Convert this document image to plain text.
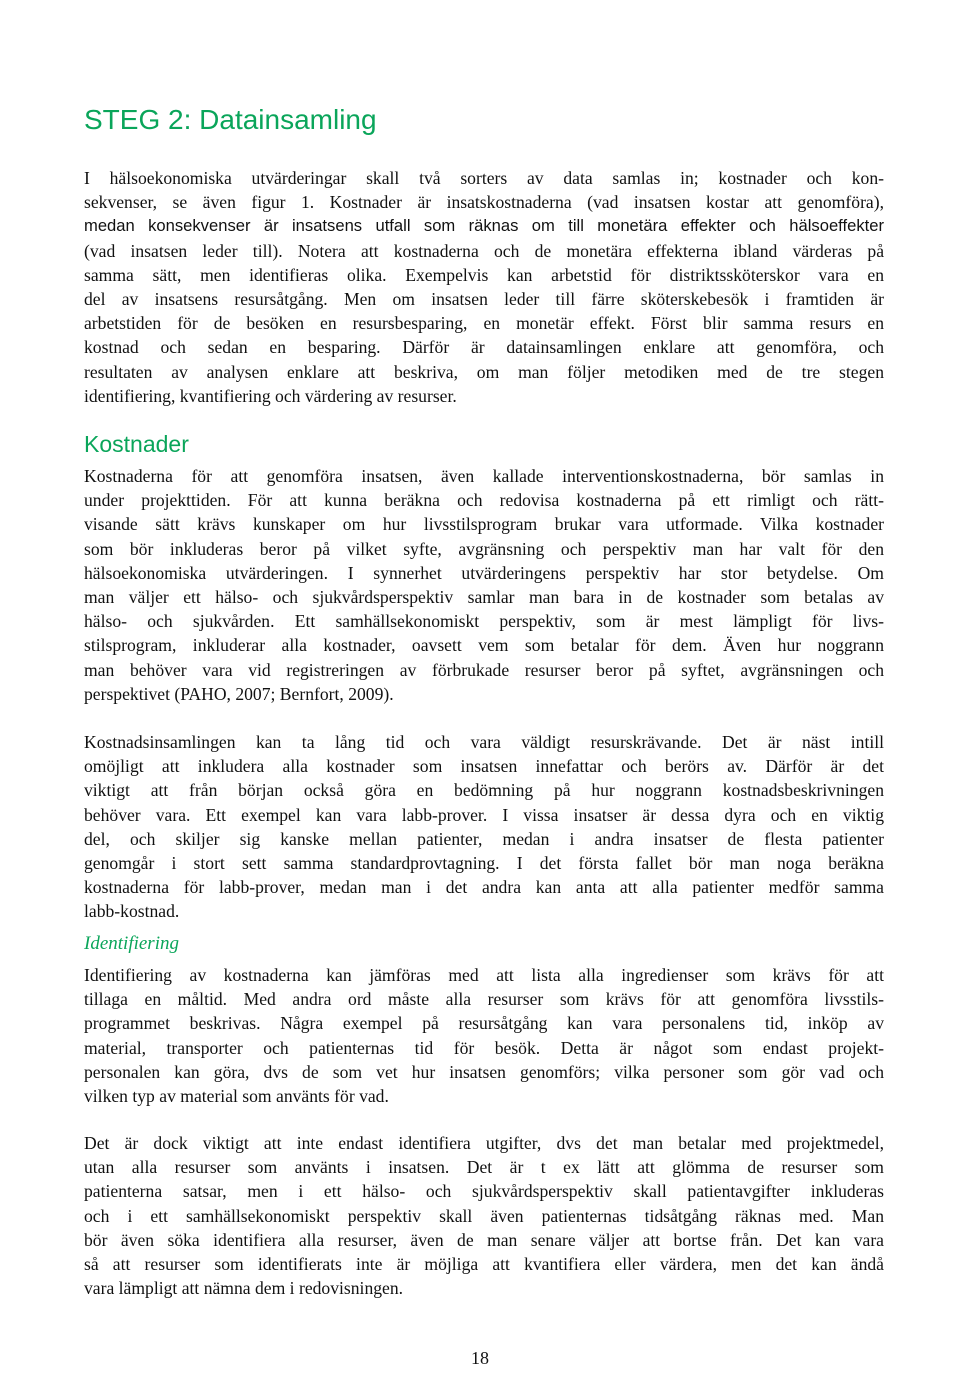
STEG 2: Datainsamling
I hälsoekonomiska utvärderingar skall två sorters av data samlas in; kostnader och kon-
sekvenser, se även figur 1. Kostnader är insatskostnaderna (vad insatsen kostar att genomföra),
medan konsekvenser är insatsens utfall som räknas om till monetära effekter och hälsoeffekter
(vad insatsen leder till). Notera att kostnaderna och de monetära effekterna ibland värderas på
samma sätt, men identifieras olika. Exempelvis kan arbetstid för distriktssköterskor vara en
del av insatsens resursåtgång. Men om insatsen leder till färre sköterskebesök i framtiden är
arbetstiden för de besöken en resursbesparing, en monetär effekt. Först blir samma resurs en
kostnad och sedan en besparing. Därför är datainsamlingen enklare att genomföra, och
resultaten av analysen enklare att beskriva, om man följer metodiken med de tre stegen
identifiering, kvantifiering och värdering av resurser.
Kostnader
Kostnaderna för att genomföra insatsen, även kallade interventionskostnaderna, bör samlas in
under projekttiden. För att kunna beräkna och redovisa kostnaderna på ett rimligt och rätt-
visande sätt krävs kunskaper om hur livsstilsprogram brukar vara utformade. Vilka kostnader
som bör inkluderas beror på vilket syfte, avgränsning och perspektiv man har valt för den
hälsoekonomiska utvärderingen. I synnerhet utvärderingens perspektiv har stor betydelse. Om
man väljer ett hälso- och sjukvårdsperspektiv samlar man bara in de kostnader som betalas av
hälso- och sjukvården. Ett samhällsekonomiskt perspektiv, som är mest lämpligt för livs-
stilsprogram, inkluderar alla kostnader, oavsett vem som betalar för dem. Även hur noggrann
man behöver vara vid registreringen av förbrukade resurser beror på syftet, avgränsningen och
perspektivet (PAHO, 2007; Bernfort, 2009).
Kostnadsinsamlingen kan ta lång tid och vara väldigt resurskrävande. Det är näst intill
omöjligt att inkludera alla kostnader som insatsen innefattar och berörs av. Därför är det
viktigt att från början också göra en bedömning på hur noggrann kostnadsbeskrivningen
behöver vara. Ett exempel kan vara labb-prover. I vissa insatser är dessa dyra och en viktig
del, och skiljer sig kanske mellan patienter, medan i andra insatser de flesta patienter
genomgår i stort sett samma standardprovtagning. I det första fallet bör man noga beräkna
kostnaderna för labb-prover, medan man i det andra kan anta att alla patienter medför samma
labb-kostnad.
Identifiering
Identifiering av kostnaderna kan jämföras med att lista alla ingredienser som krävs för att
tillaga en måltid. Med andra ord måste alla resurser som krävs för att genomföra livsstils-
programmet beskrivas. Några exempel på resursåtgång kan vara personalens tid, inköp av
material, transporter och patienternas tid för besök. Detta är något som endast projekt-
personalen kan göra, dvs de som vet hur insatsen genomförs; vilka personer som gör vad och
vilken typ av material som använts för vad.
Det är dock viktigt att inte endast identifiera utgifter, dvs det man betalar med projektmedel,
utan alla resurser som använts i insatsen. Det är t ex lätt att glömma de resurser som
patienterna satsar, men i ett hälso- och sjukvårdsperspektiv skall patientavgifter inkluderas
och i ett samhällsekonomiskt perspektiv skall även patienternas tidsåtgång räknas med. Man
bör även söka identifiera alla resurser, även de man senare väljer att bortse från. Det kan vara
så att resurser som identifierats inte är möjliga att kvantifiera eller värdera, men det kan ändå
vara lämpligt att nämna dem i redovisningen.
18
